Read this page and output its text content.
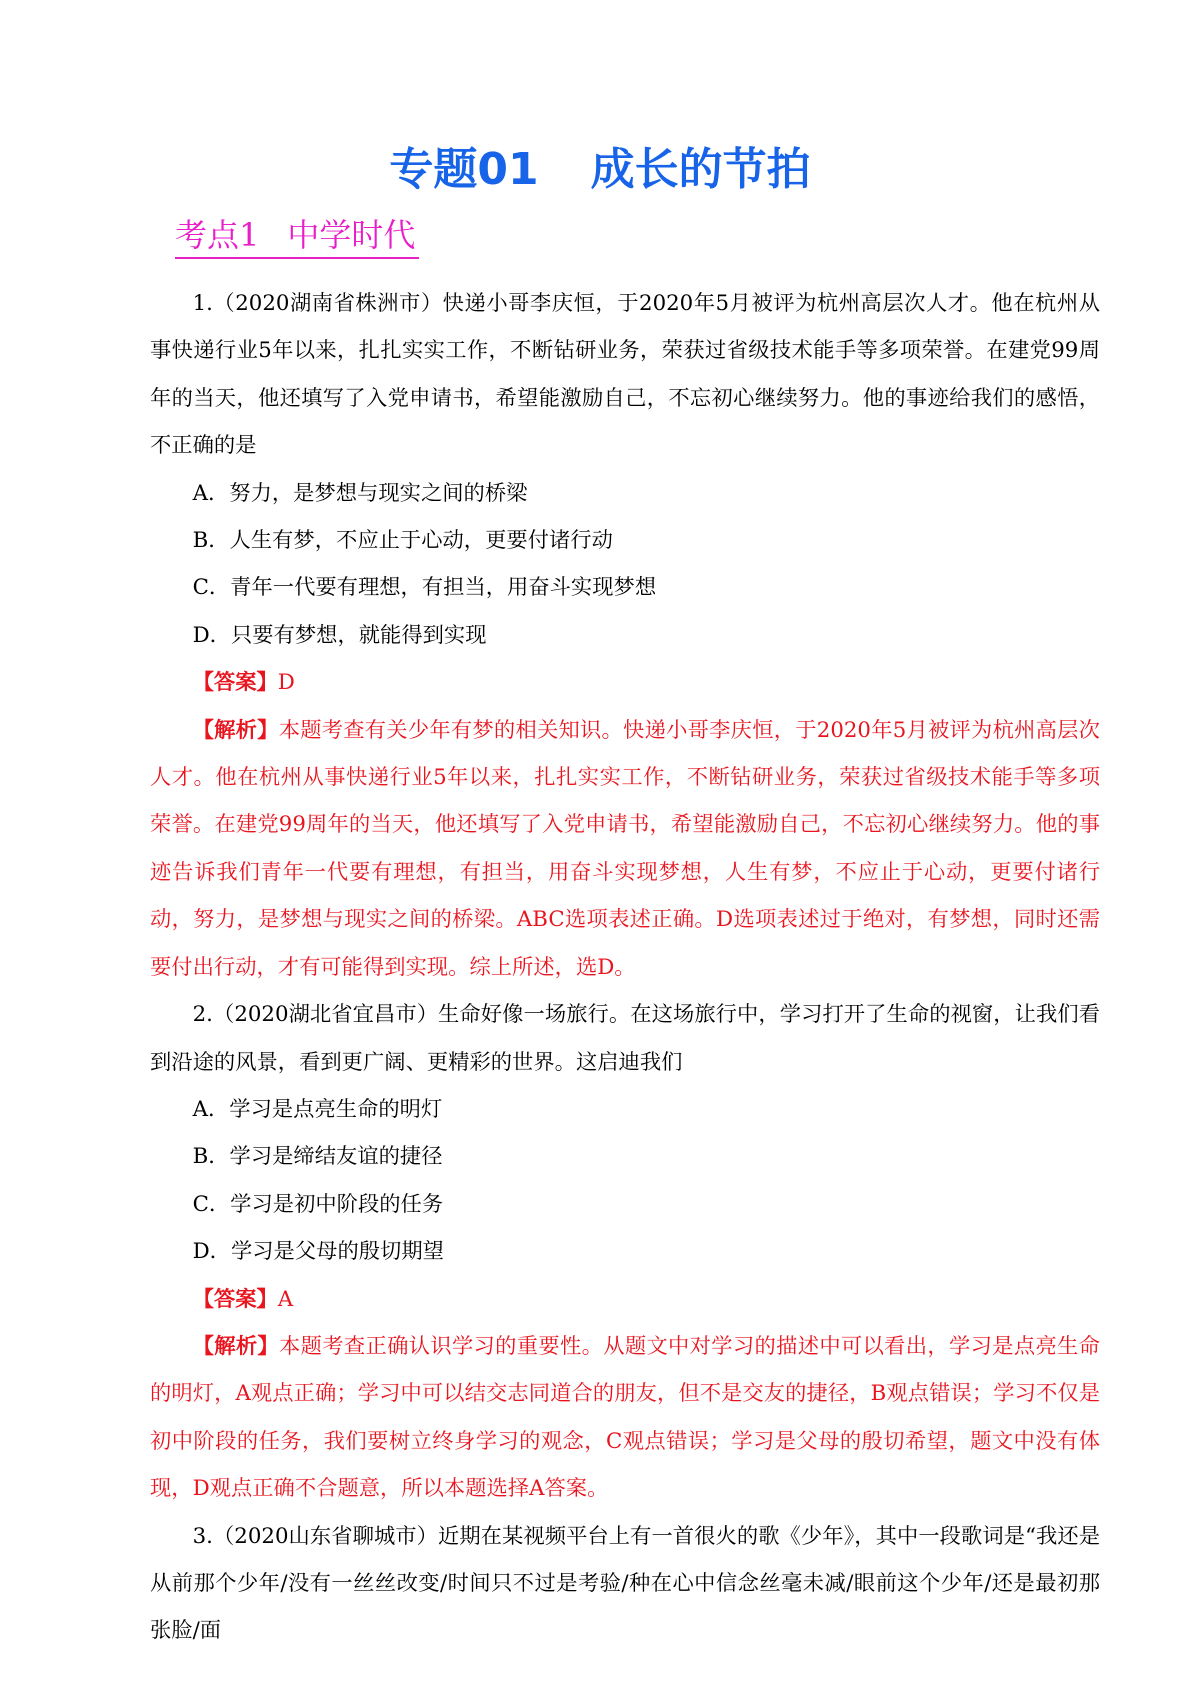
专题01 成长的节拍
考点1 中学时代

1.（2020湖南省株洲市）快递小哥李庆恒，于2020年5月被评为杭州高层次人才。他在杭州从事快递行业5年以来，扎扎实实工作，不断钻研业务，荣获过省级技术能手等多项荣誉。在建党99周年的当天，他还填写了入党申请书，希望能激励自己，不忘初心继续努力。他的事迹给我们的感悟，不正确的是

A．努力，是梦想与现实之间的桥梁

B．人生有梦，不应止于心动，更要付诸行动

C．青年一代要有理想，有担当，用奋斗实现梦想

D．只要有梦想，就能得到实现

【答案】D

【解析】本题考查有关少年有梦的相关知识。快递小哥李庆恒，于2020年5月被评为杭州高层次人才。他在杭州从事快递行业5年以来，扎扎实实工作，不断钻研业务，荣获过省级技术能手等多项荣誉。在建党99周年的当天，他还填写了入党申请书，希望能激励自己，不忘初心继续努力。他的事迹告诉我们青年一代要有理想，有担当，用奋斗实现梦想，人生有梦，不应止于心动，更要付诸行动，努力，是梦想与现实之间的桥梁。ABC选项表述正确。D选项表述过于绝对，有梦想，同时还需要付出行动，才有可能得到实现。综上所述，选D。

2.（2020湖北省宜昌市）生命好像一场旅行。在这场旅行中，学习打开了生命的视窗，让我们看到沿途的风景，看到更广阔、更精彩的世界。这启迪我们

A．学习是点亮生命的明灯

B．学习是缔结友谊的捷径

C．学习是初中阶段的任务

D．学习是父母的殷切期望

【答案】A

【解析】本题考查正确认识学习的重要性。从题文中对学习的描述中可以看出，学习是点亮生命的明灯，A观点正确；学习中可以结交志同道合的朋友，但不是交友的捷径，B观点错误；学习不仅是初中阶段的任务，我们要树立终身学习的观念，C观点错误；学习是父母的殷切希望，题文中没有体现，D观点正确不合题意，所以本题选择A答案。

3.（2020山东省聊城市）近期在某视频平台上有一首很火的歌《少年》，其中一段歌词是“我还是从前那个少年/没有一丝丝改变/时间只不过是考验/种在心中信念丝毫未减/眼前这个少年/还是最初那张脸/面
